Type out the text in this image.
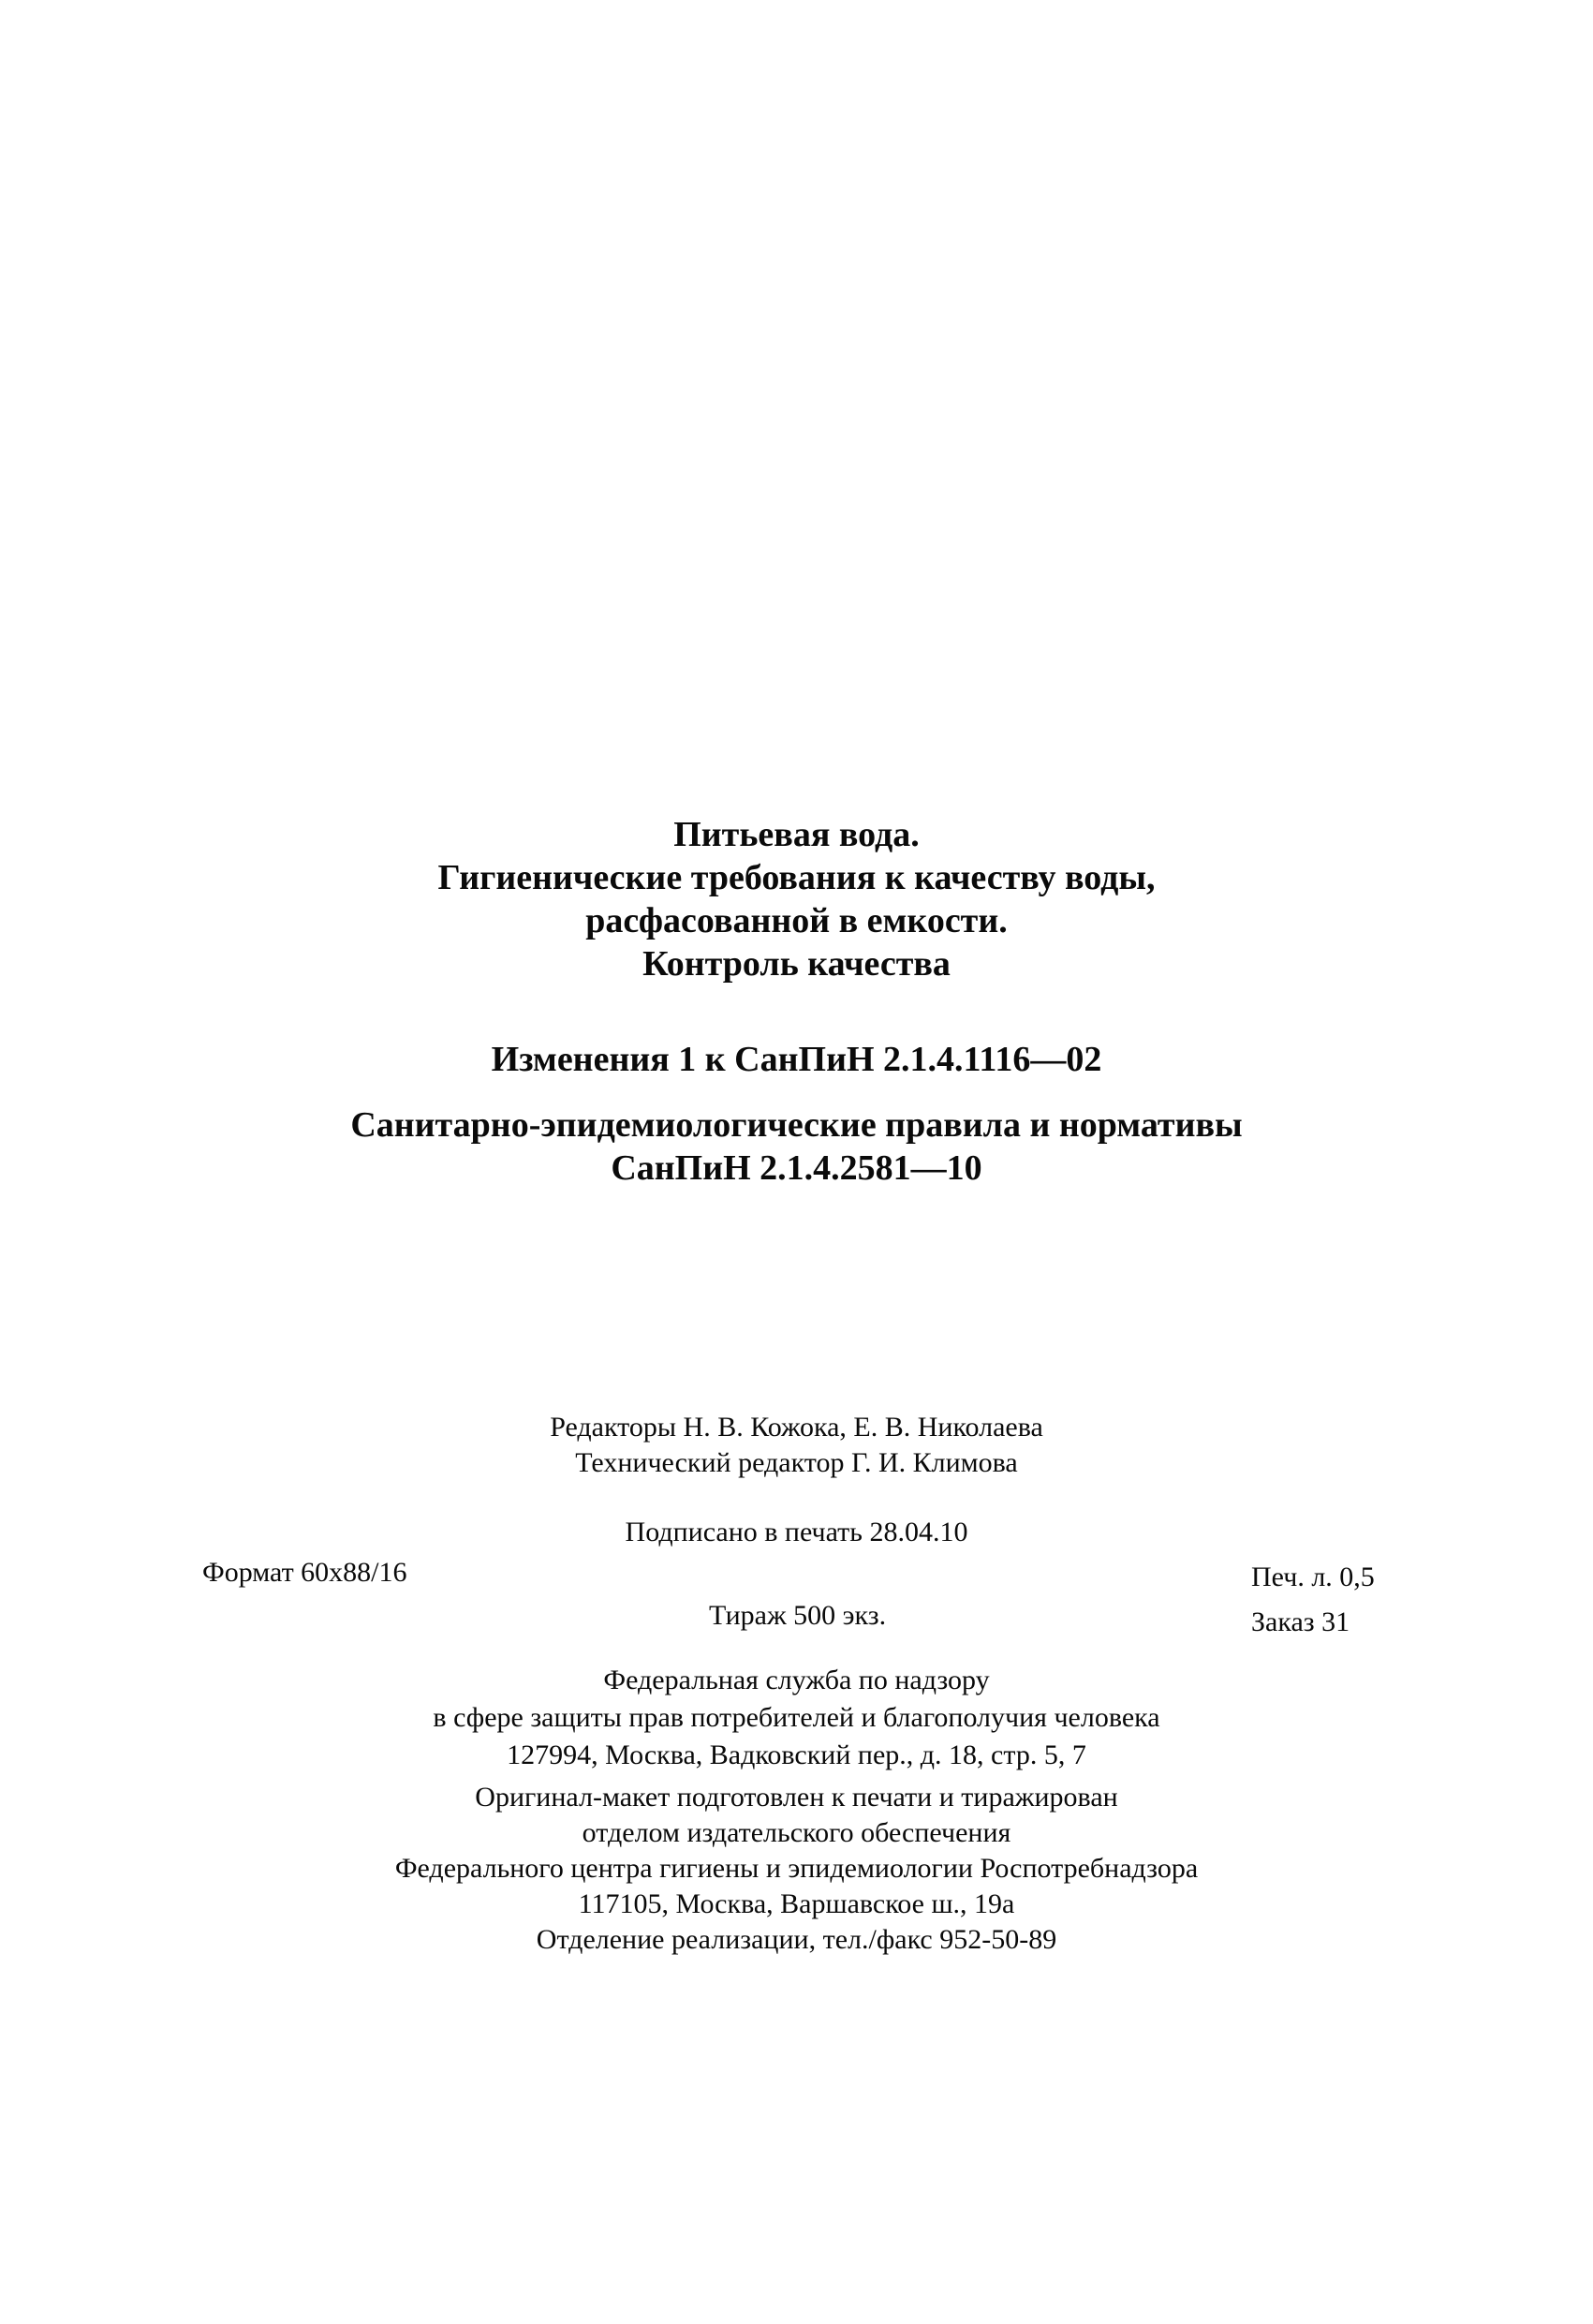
Питьевая вода.
Гигиенические требования к качеству воды,
расфасованной в емкости.
Контроль качества
Изменения 1 к СанПиН 2.1.4.1116—02
Санитарно-эпидемиологические правила и нормативы
СанПиН 2.1.4.2581—10
Редакторы Н. В. Кожока, Е. В. Николаева
Технический редактор Г. И. Климова
Подписано в печать 28.04.10
Формат 60x88/16	Печ. л. 0,5
Заказ 31
Тираж 500 экз.
Федеральная служба по надзору
в сфере защиты прав потребителей и благополучия человека
127994, Москва, Вадковский пер., д. 18, стр. 5, 7
Оригинал-макет подготовлен к печати и тиражирован
отделом издательского обеспечения
Федерального центра гигиены и эпидемиологии Роспотребнадзора
117105, Москва, Варшавское ш., 19а
Отделение реализации, тел./факс 952-50-89
